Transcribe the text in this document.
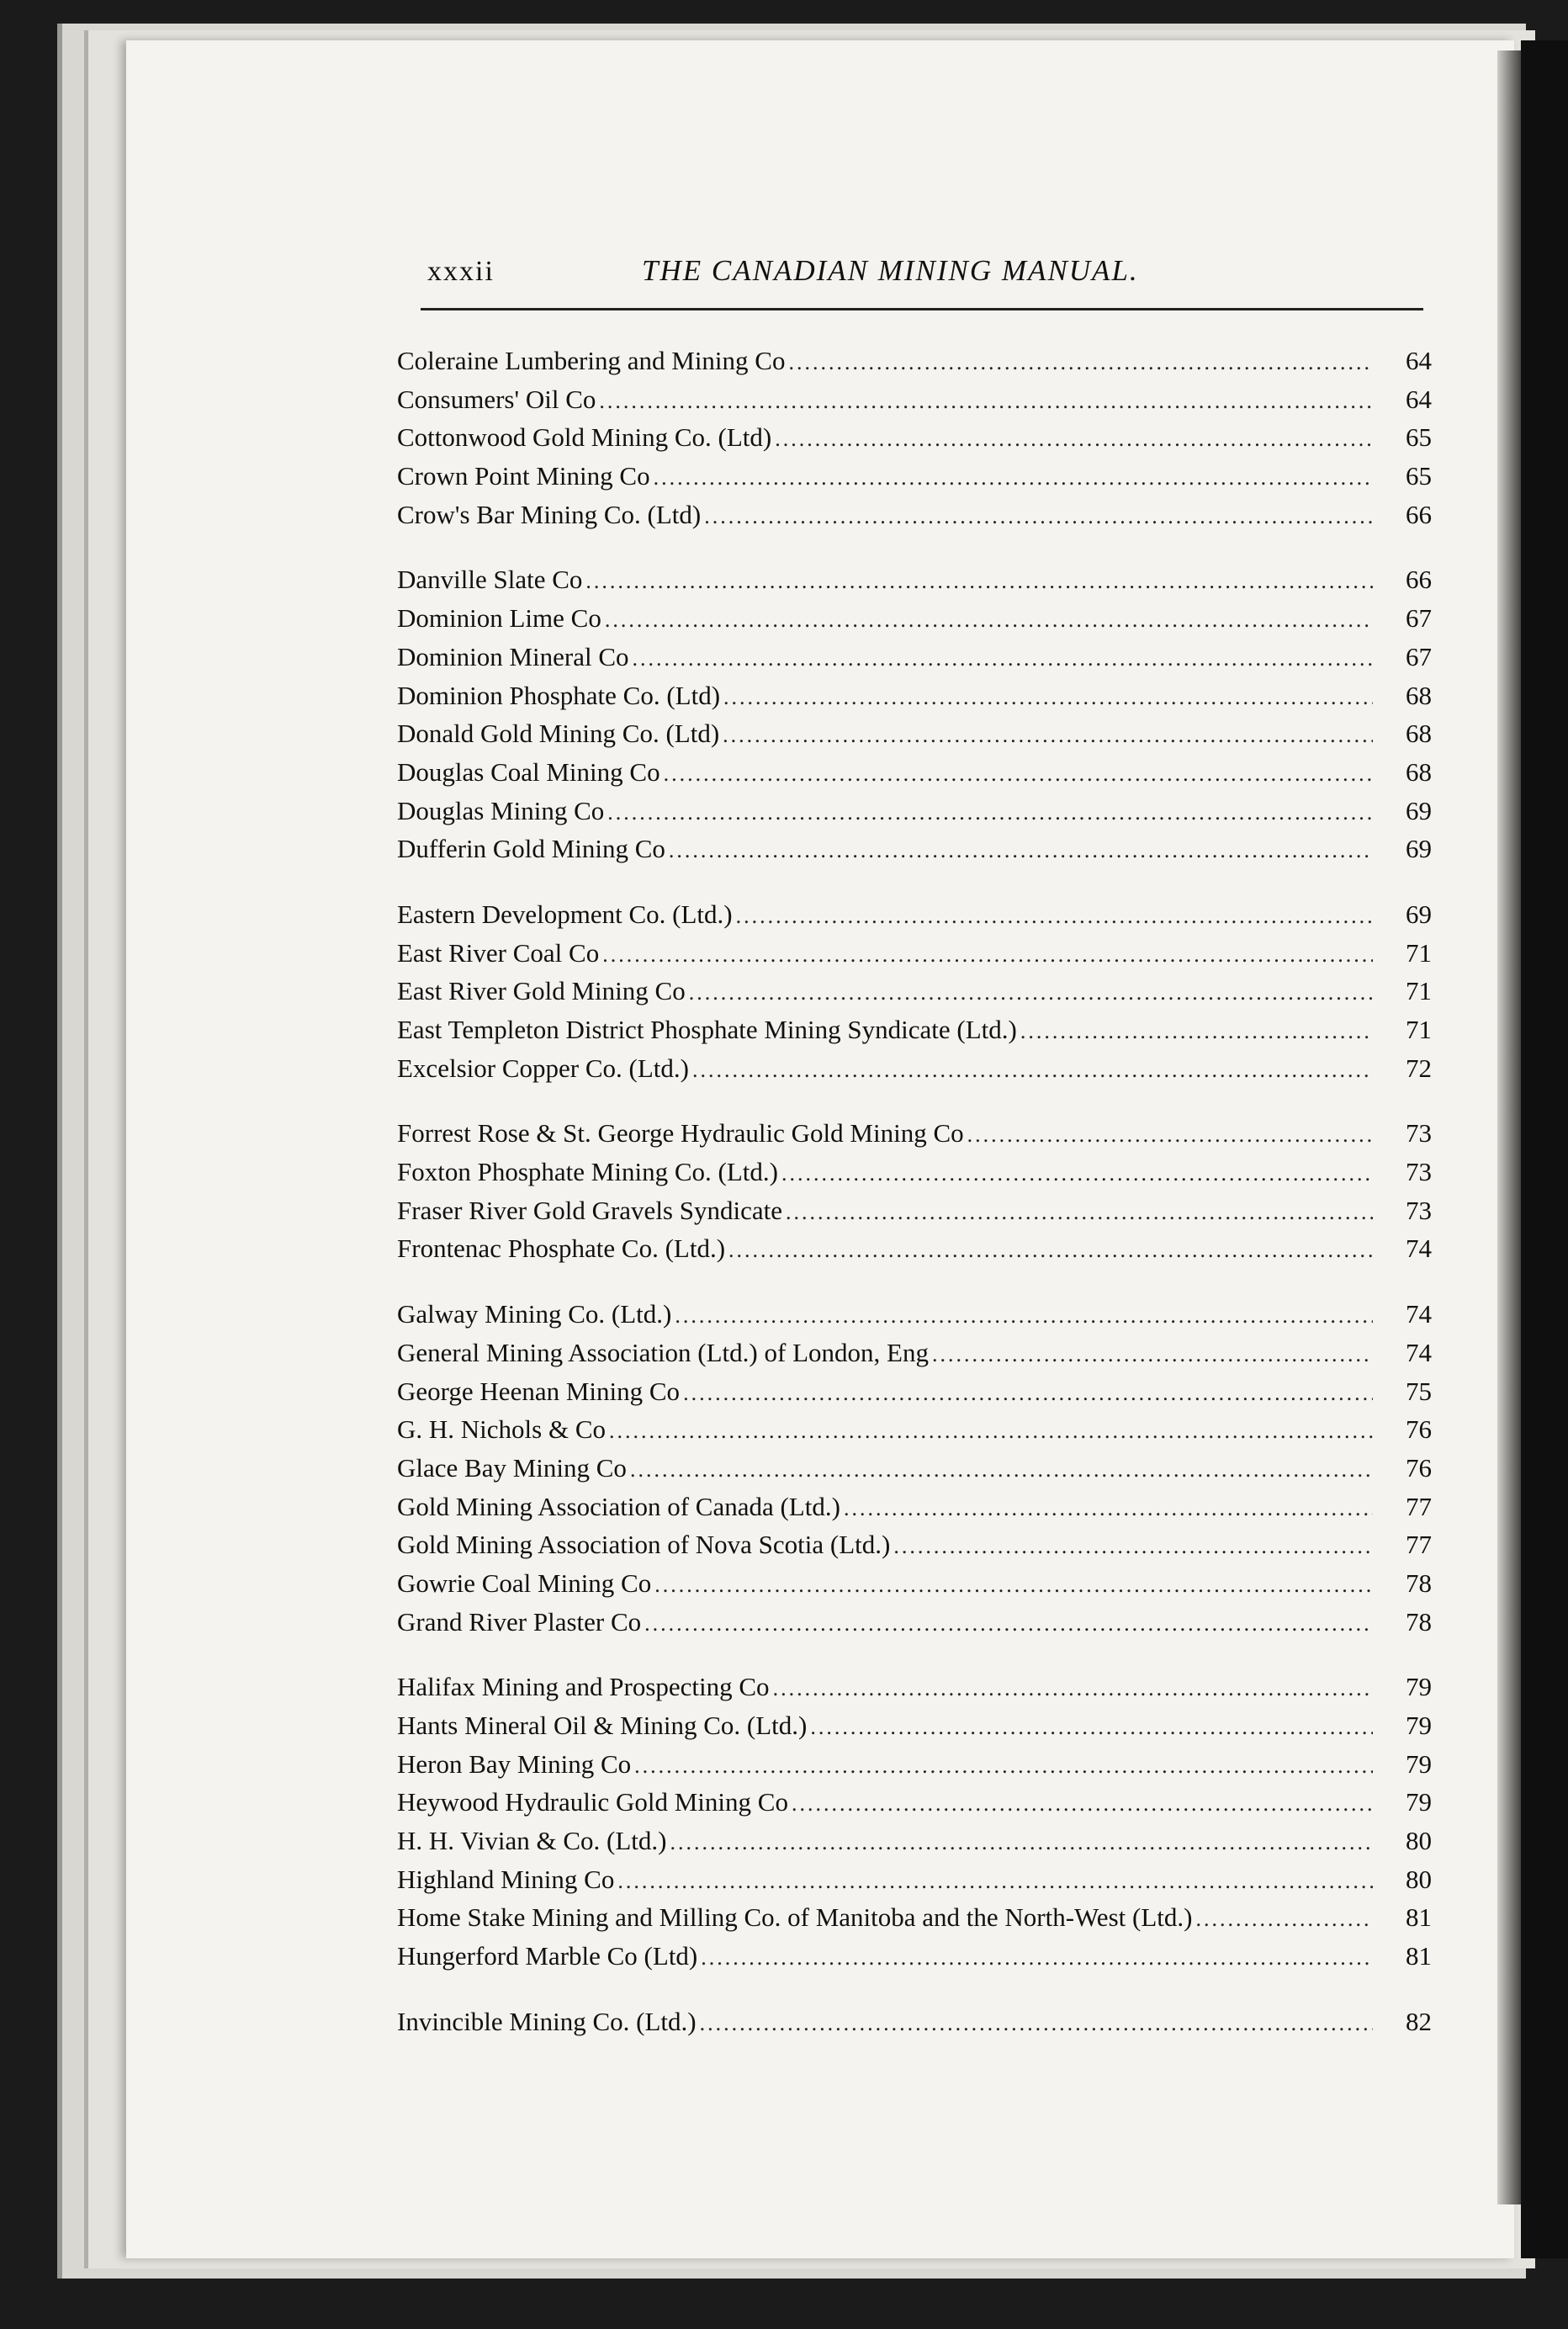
xxxii	THE CANADIAN MINING MANUAL.
Coleraine Lumbering and Mining Co .....	64
Consumers' Oil Co .....	64
Cottonwood Gold Mining Co. (Ltd) .....	65
Crown Point Mining Co .....	65
Crow's Bar Mining Co. (Ltd) .....	66
Danville Slate Co .....	66
Dominion Lime Co .....	67
Dominion Mineral Co .....	67
Dominion Phosphate Co. (Ltd) .....	68
Donald Gold Mining Co. (Ltd) .....	68
Douglas Coal Mining Co .....	68
Douglas Mining Co .....	69
Dufferin Gold Mining Co .....	69
Eastern Development Co. (Ltd.) .....	69
East River Coal Co .....	71
East River Gold Mining Co .....	71
East Templeton District Phosphate Mining Syndicate (Ltd.) .....	71
Excelsior Copper Co. (Ltd.) .....	72
Forrest Rose & St. George Hydraulic Gold Mining Co .....	73
Foxton Phosphate Mining Co. (Ltd.) .....	73
Fraser River Gold Gravels Syndicate .....	73
Frontenac Phosphate Co. (Ltd.) .....	74
Galway Mining Co. (Ltd.) .....	74
General Mining Association (Ltd.) of London, Eng .....	74
George Heenan Mining Co .....	75
G. H. Nichols & Co .....	76
Glace Bay Mining Co .....	76
Gold Mining Association of Canada (Ltd.) .....	77
Gold Mining Association of Nova Scotia (Ltd.) .....	77
Gowrie Coal Mining Co .....	78
Grand River Plaster Co .....	78
Halifax Mining and Prospecting Co .....	79
Hants Mineral Oil & Mining Co. (Ltd.) .....	79
Heron Bay Mining Co .....	79
Heywood Hydraulic Gold Mining Co .....	79
H. H. Vivian & Co. (Ltd.) .....	80
Highland Mining Co .....	80
Home Stake Mining and Milling Co. of Manitoba and the North-West (Ltd.) .....	81
Hungerford Marble Co (Ltd) .....	81
Invincible Mining Co. (Ltd.) .....	82
